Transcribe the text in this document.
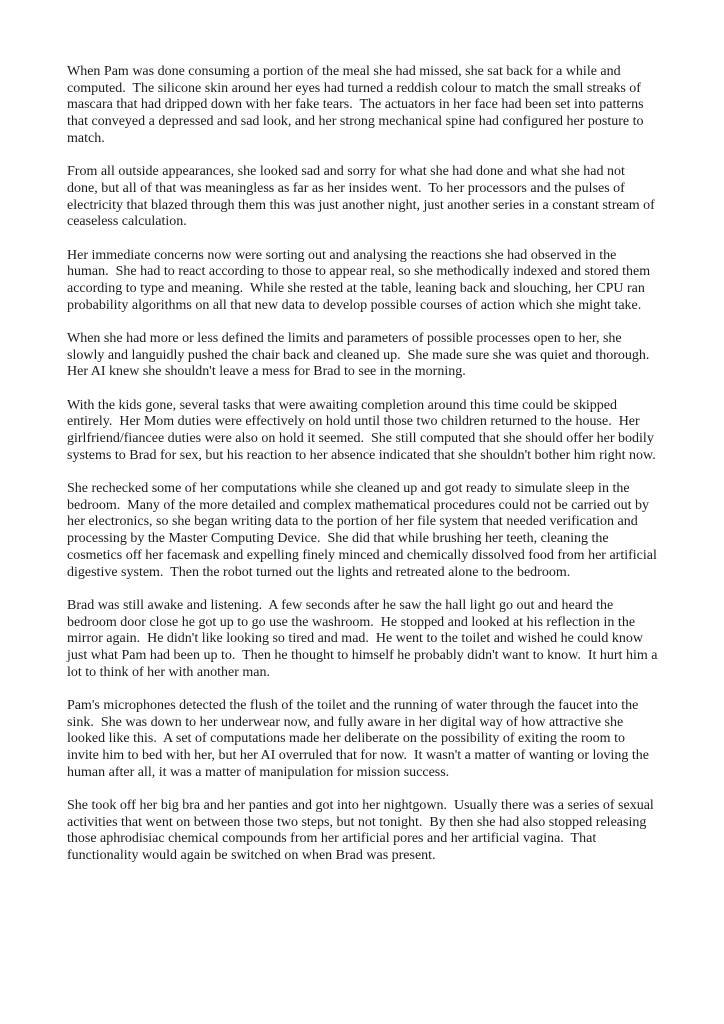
When Pam was done consuming a portion of the meal she had missed, she sat back for a while and computed.  The silicone skin around her eyes had turned a reddish colour to match the small streaks of mascara that had dripped down with her fake tears.  The actuators in her face had been set into patterns that conveyed a depressed and sad look, and her strong mechanical spine had configured her posture to match.

From all outside appearances, she looked sad and sorry for what she had done and what she had not done, but all of that was meaningless as far as her insides went.  To her processors and the pulses of electricity that blazed through them this was just another night, just another series in a constant stream of ceaseless calculation.

Her immediate concerns now were sorting out and analysing the reactions she had observed in the human.  She had to react according to those to appear real, so she methodically indexed and stored them according to type and meaning.  While she rested at the table, leaning back and slouching, her CPU ran probability algorithms on all that new data to develop possible courses of action which she might take.

When she had more or less defined the limits and parameters of possible processes open to her, she slowly and languidly pushed the chair back and cleaned up.  She made sure she was quiet and thorough.  Her AI knew she shouldn't leave a mess for Brad to see in the morning.

With the kids gone, several tasks that were awaiting completion around this time could be skipped entirely.  Her Mom duties were effectively on hold until those two children returned to the house.  Her girlfriend/fiancee duties were also on hold it seemed.  She still computed that she should offer her bodily systems to Brad for sex, but his reaction to her absence indicated that she shouldn't bother him right now.

She rechecked some of her computations while she cleaned up and got ready to simulate sleep in the bedroom.  Many of the more detailed and complex mathematical procedures could not be carried out by her electronics, so she began writing data to the portion of her file system that needed verification and processing by the Master Computing Device.  She did that while brushing her teeth, cleaning the cosmetics off her facemask and expelling finely minced and chemically dissolved food from her artificial digestive system.  Then the robot turned out the lights and retreated alone to the bedroom.

Brad was still awake and listening.  A few seconds after he saw the hall light go out and heard the bedroom door close he got up to go use the washroom.  He stopped and looked at his reflection in the mirror again.  He didn't like looking so tired and mad.  He went to the toilet and wished he could know just what Pam had been up to.  Then he thought to himself he probably didn't want to know.  It hurt him a lot to think of her with another man.

Pam's microphones detected the flush of the toilet and the running of water through the faucet into the sink.  She was down to her underwear now, and fully aware in her digital way of how attractive she looked like this.  A set of computations made her deliberate on the possibility of exiting the room to invite him to bed with her, but her AI overruled that for now.  It wasn't a matter of wanting or loving the human after all, it was a matter of manipulation for mission success.

She took off her big bra and her panties and got into her nightgown.  Usually there was a series of sexual activities that went on between those two steps, but not tonight.  By then she had also stopped releasing those aphrodisiac chemical compounds from her artificial pores and her artificial vagina.  That functionality would again be switched on when Brad was present.
